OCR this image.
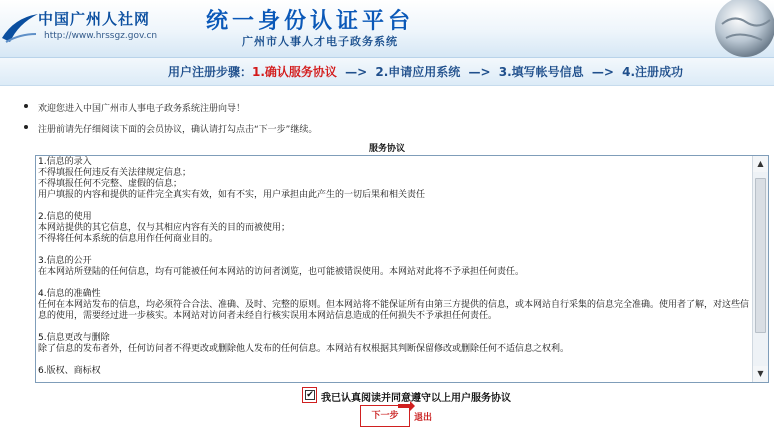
中国广州人社网
http://www.hrssgz.gov.cn
统一身份认证平台
广州市人事人才电子政务系统
用户注册步骤：1.确认服务协议 —> 2.申请应用系统 —> 3.填写帐号信息 —> 4.注册成功
欢迎您进入中国广州市人事电子政务系统注册向导！
注册前请先仔细阅读下面的会员协议，确认请打勾点击“下一步”继续。
服务协议
1.信息的录入
不得填报任何违反有关法律规定信息；
不得填报任何不完整、虚假的信息；
用户填报的内容和提供的证件完全真实有效，如有不实，用户承担由此产生的一切后果和相关责任

2.信息的使用
本网站提供的其它信息，仅与其相应内容有关的目的而被使用；
不得将任何本系统的信息用作任何商业目的。

3.信息的公开
在本网站所登陆的任何信息，均有可能被任何本网站的访问者浏览，也可能被错误使用。本网站对此将不予承担任何责任。

4.信息的准确性
任何在本网站发布的信息，均必须符合合法、准确、及时、完整的原则。但本网站将不能保证所有由第三方提供的信息，或本网站自行采集的信息完全准确。使用者了解，对这些信息的使用，需要经过进一步核实。本网站对访问者未经自行核实误用本网站信息造成的任何损失不予承担任何责任。

5.信息更改与删除
除了信息的发布者外，任何访问者不得更改或删除他人发布的任何信息。本网站有权根据其判断保留修改或删除任何不适信息之权利。

6.版权、商标权
▲
▼
✔ 我已认真阅读并同意遵守以上用户服务协议
下一步	退出
